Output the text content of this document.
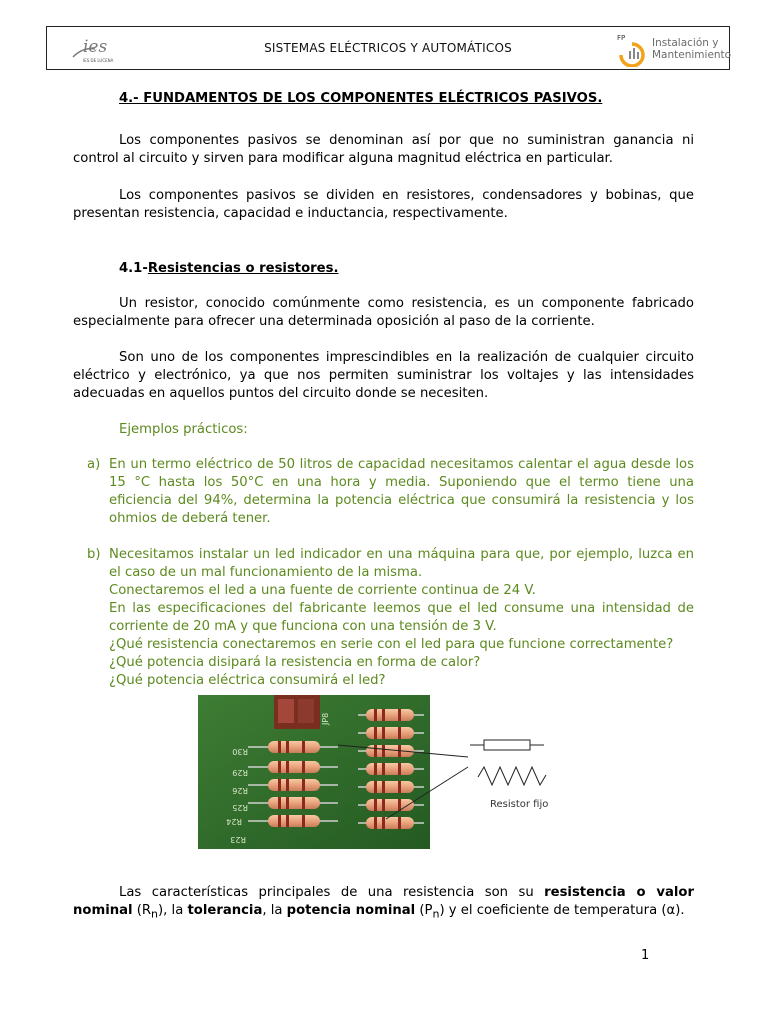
ies
IES DE LUCENA
SISTEMAS ELÉCTRICOS Y AUTOMÁTICOS
FP	Instalación y
Mantenimiento

4.- FUNDAMENTOS DE LOS COMPONENTES ELÉCTRICOS PASIVOS.

Los componentes pasivos se denominan así por que no suministran ganancia ni control al circuito y sirven para modificar alguna magnitud eléctrica en particular.

Los componentes pasivos se dividen en resistores, condensadores y bobinas, que presentan resistencia, capacidad e inductancia, respectivamente.

4.1-Resistencias o resistores.

Un resistor, conocido comúnmente como resistencia, es un componente fabricado especialmente para ofrecer una determinada oposición al paso de la corriente.

Son uno de los componentes imprescindibles en la realización de cualquier circuito eléctrico y electrónico, ya que nos permiten suministrar los voltajes y las intensidades adecuadas en aquellos puntos del circuito donde se necesiten.

Ejemplos prácticos:

a) En un termo eléctrico de 50 litros de capacidad necesitamos calentar el agua desde los 15 °C hasta los 50°C en una hora y media. Suponiendo que el termo tiene una eficiencia del 94%, determina la potencia eléctrica que consumirá la resistencia y los ohmios de deberá tener.
b) Necesitamos instalar un led indicador en una máquina para que, por ejemplo, luzca en el caso de un mal funcionamiento de la misma.
Conectaremos el led a una fuente de corriente continua de 24 V.
En las especificaciones del fabricante leemos que el led consume una intensidad de corriente de 20 mA y que funciona con una tensión de 3 V.
¿Qué resistencia conectaremos en serie con el led para que funcione correctamente?
¿Qué potencia disipará la resistencia en forma de calor?
¿Qué potencia eléctrica consumirá el led?
R30
R29
R26
R25
R24
R23
JP8
Resistor fijo

Las características principales de una resistencia son su resistencia o valor nominal $(R_n)$, la tolerancia, la potencia nominal $(P_n)$ y el coeficiente de temperatura (α).

1
